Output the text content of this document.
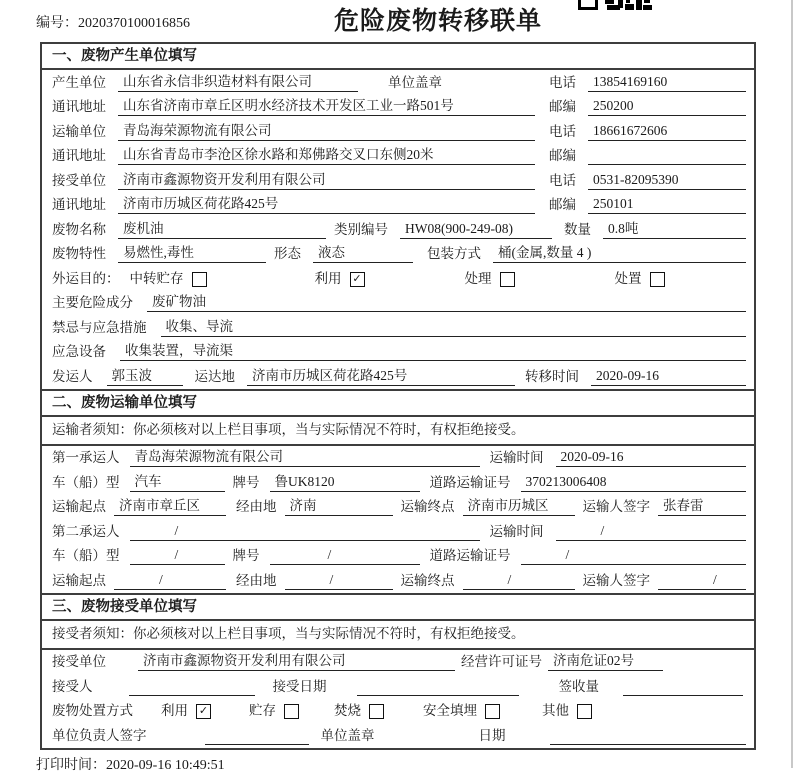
编号：2020370100016856	危险废物转移联单
一、废物产生单位填写
产生单位	山东省永信非织造材料有限公司	单位盖章	电话	13854169160
通讯地址	山东省济南市章丘区明水经济技术开发区工业一路501号	邮编	250200
运输单位	青岛海荣源物流有限公司	电话	18661672606
通讯地址	山东省青岛市李沧区徐水路和郑佛路交叉口东侧20米	邮编
接受单位	济南市鑫源物资开发利用有限公司	电话	0531-82095390
通讯地址	济南市历城区荷花路425号	邮编	250101
废物名称	废机油	类别编号	HW08(900-249-08)	数量	0.8吨
废物特性	易燃性,毒性	形态	液态	包装方式	桶(金属,数量 4 )
外运目的： 中转贮存	利用 ✓	处理	处置
主要危险成分	废矿物油
禁忌与应急措施	收集、导流
应急设备	收集装置，导流渠
发运人	郭玉波	运达地	济南市历城区荷花路425号	转移时间	2020-09-16
二、废物运输单位填写
运输者须知：你必须核对以上栏目事项，当与实际情况不符时，有权拒绝接受。
第一承运人	青岛海荣源物流有限公司	运输时间	2020-09-16
车（船）型	汽车	牌号	鲁UK8120	道路运输证号	370213006408
运输起点 济南市章丘区	经由地 济南	运输终点 济南市历城区	运输人签字 张春雷
第二承运人	/	运输时间	/
车（船）型	/	牌号	/	道路运输证号	/
运输起点	/	经由地	/	运输终点	/	运输人签字	/
三、废物接受单位填写
接受者须知：你必须核对以上栏目事项，当与实际情况不符时，有权拒绝接受。
接受单位	济南市鑫源物资开发利用有限公司	经营许可证号 济南危证02号
接受人	接受日期	签收量
废物处置方式 利用 ✓	贮存	焚烧	安全填埋	其他
单位负责人签字	单位盖章	日期
打印时间：2020-09-16 10:49:51
